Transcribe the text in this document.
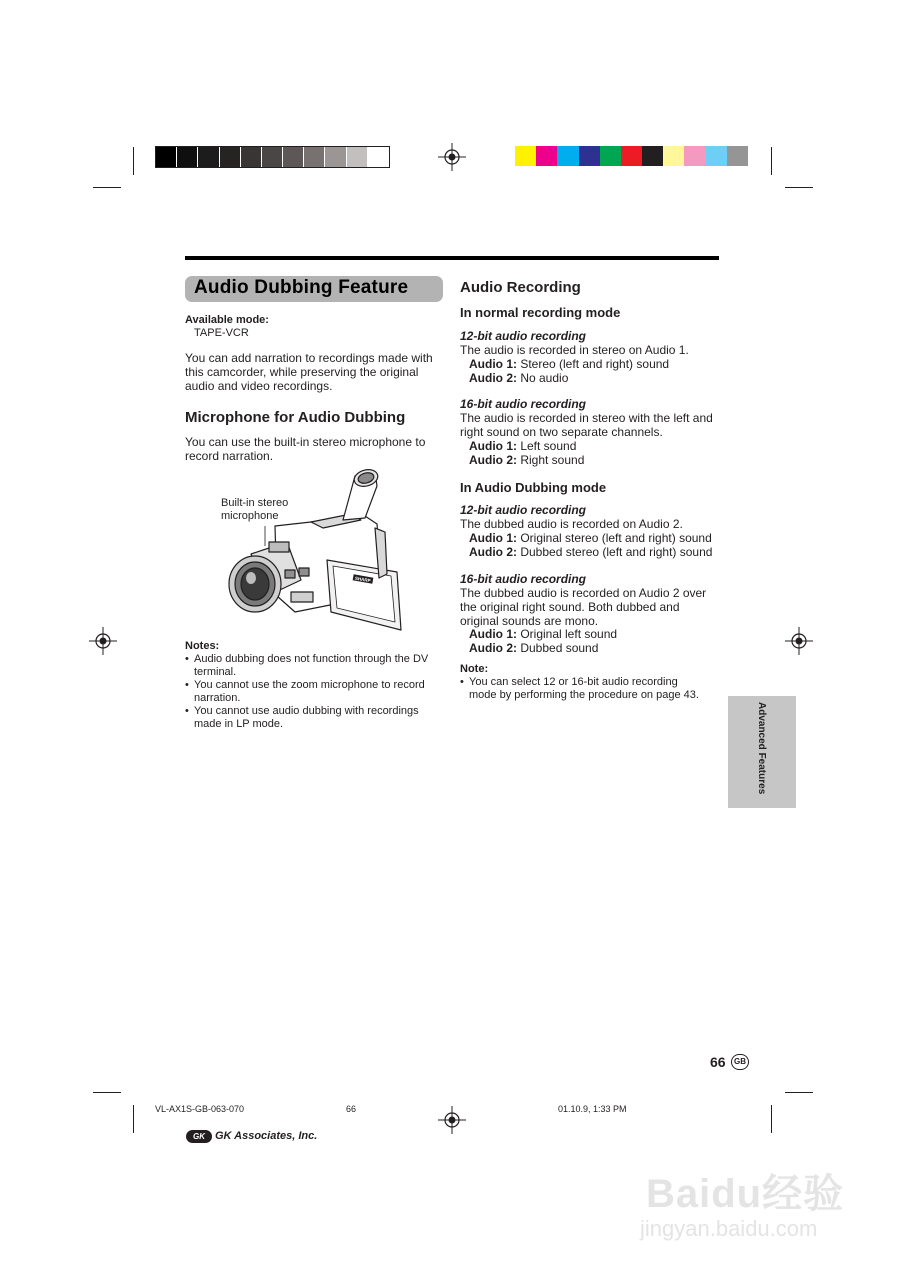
Audio Dubbing Feature
Available mode:
TAPE-VCR
You can add narration to recordings made with
this camcorder, while preserving the original
audio and video recordings.
Microphone for Audio Dubbing
You can use the built-in stereo microphone to
record narration.
Built-in stereo
microphone
SHARP
Notes:
• Audio dubbing does not function through the DV
terminal.
• You cannot use the zoom microphone to record
narration.
• You cannot use audio dubbing with recordings
made in LP mode.
Audio Recording
In normal recording mode
12-bit audio recording
The audio is recorded in stereo on Audio 1.
Audio 1: Stereo (left and right) sound
Audio 2: No audio
16-bit audio recording
The audio is recorded in stereo with the left and
right sound on two separate channels.
Audio 1: Left sound
Audio 2: Right sound
In Audio Dubbing mode
12-bit audio recording
The dubbed audio is recorded on Audio 2.
Audio 1: Original stereo (left and right) sound
Audio 2: Dubbed stereo (left and right) sound
16-bit audio recording
The dubbed audio is recorded on Audio 2 over
the original right sound. Both dubbed and
original sounds are mono.
Audio 1: Original left sound
Audio 2: Dubbed sound
Note:
• You can select 12 or 16-bit audio recording
mode by performing the procedure on page 43.
Advanced Features
66	GB
VL-AX1S-GB-063-070	66	01.10.9, 1:33 PM
GK GK Associates, Inc.
Baidu经验
jingyan.baidu.com
